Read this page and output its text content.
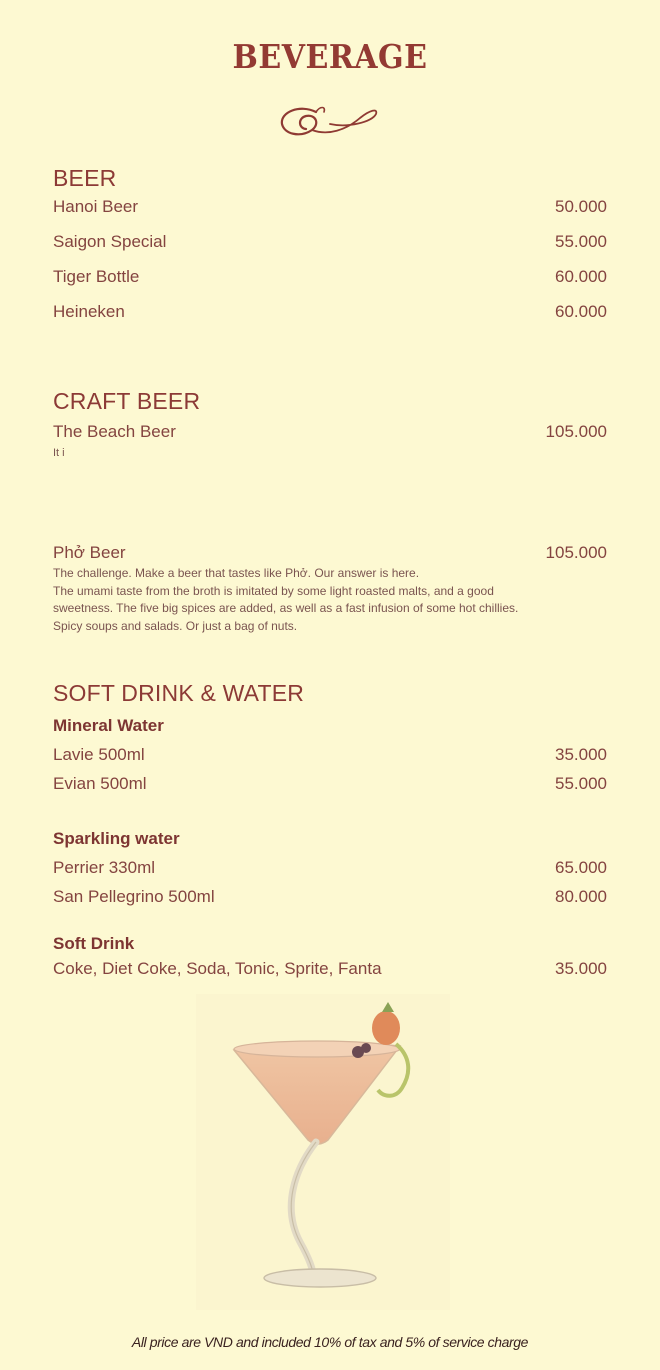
BEVERAGE
BEER
Hanoi Beer	50.000
Saigon Special	55.000
Tiger Bottle	60.000
Heineken	60.000
CRAFT BEER
The Beach Beer	105.000
It i
Phở Beer	105.000
The challenge. Make a beer that tastes like Phở. Our answer is here.
The umami taste from the broth is imitated by some light roasted malts, and a good
sweetness. The five big spices are added, as well as a fast infusion of some hot chillies.
Spicy soups and salads. Or just a bag of nuts.
SOFT DRINK & WATER
Mineral Water
Lavie 500ml	35.000
Evian 500ml	55.000
Sparkling water
Perrier 330ml	65.000
San Pellegrino 500ml	80.000
Soft Drink
Coke, Diet Coke, Soda, Tonic, Sprite, Fanta	35.000
All price are VND and included 10% of tax and 5% of service charge
